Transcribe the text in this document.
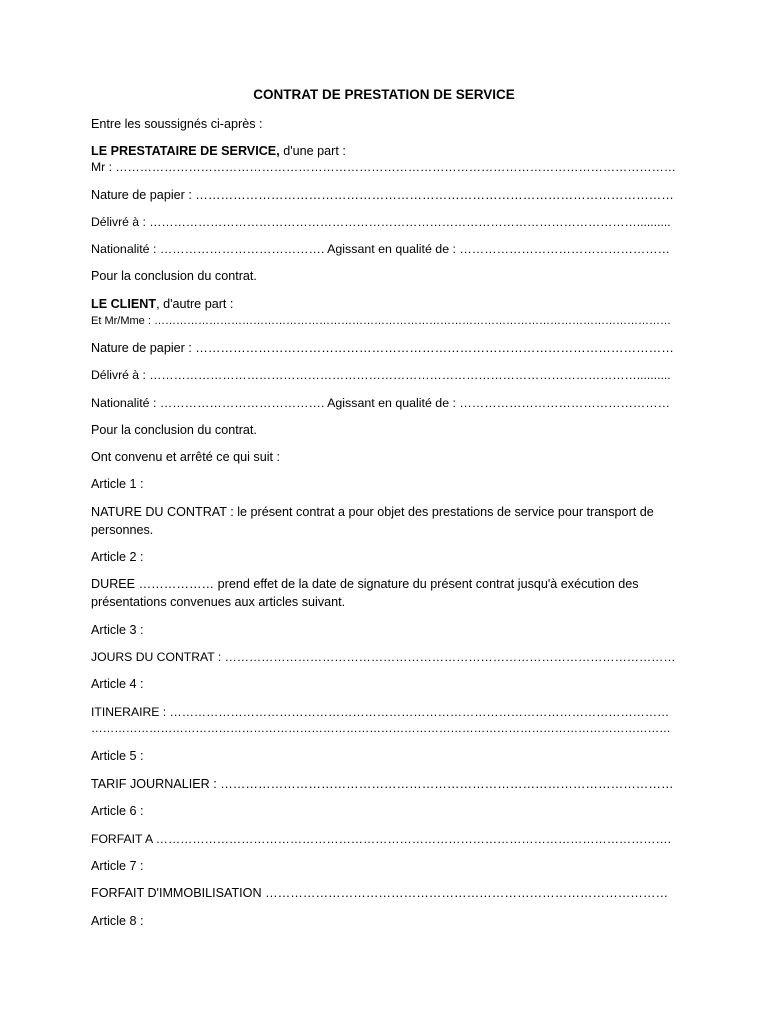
CONTRAT DE PRESTATION DE SERVICE
Entre les soussignés ci-après :
LE PRESTATAIRE DE SERVICE, d'une part :
Mr : …………………………………………………………………………………………………………………………
Nature de papier : ……………………………………………………………………………………………………
Délivré à : …………………………………………………………………………………………………………..........
Nationalité : …………………………………. Agissant en qualité de : ……………………………………………
Pour la conclusion du contrat.
LE CLIENT, d'autre part :
Et Mr/Mme : ……………………………………………………………………………………………………………………………
Nature de papier : ……………………………………………………………………………………………………
Délivré à : …………………………………………………………………………………………………………..........
Nationalité : …………………………………. Agissant en qualité de : ……………………………………………
Pour la conclusion du contrat.
Ont convenu et arrêté ce qui suit :
Article 1 :
NATURE DU CONTRAT : le présent contrat a pour objet des prestations de service pour transport de personnes.
Article 2 :
DUREE ……………… prend effet de la date de signature du présent contrat jusqu'à exécution des présentations convenues aux articles suivant.
Article 3 :
JOURS DU CONTRAT : …………………………………………………………………………………………………
Article 4 :
ITINERAIRE : ……………………………………………………………………………………………………………
……………………………………………………………………………………………………………………………………
Article 5 :
TARIF JOURNALIER : ………………………………………………………………………………………………
Article 6 :
FORFAIT A ……………………………………………………………………………………………………………….
Article 7 :
FORFAIT D'IMMOBILISATION ……………………………………………………………………………………
Article 8 :
